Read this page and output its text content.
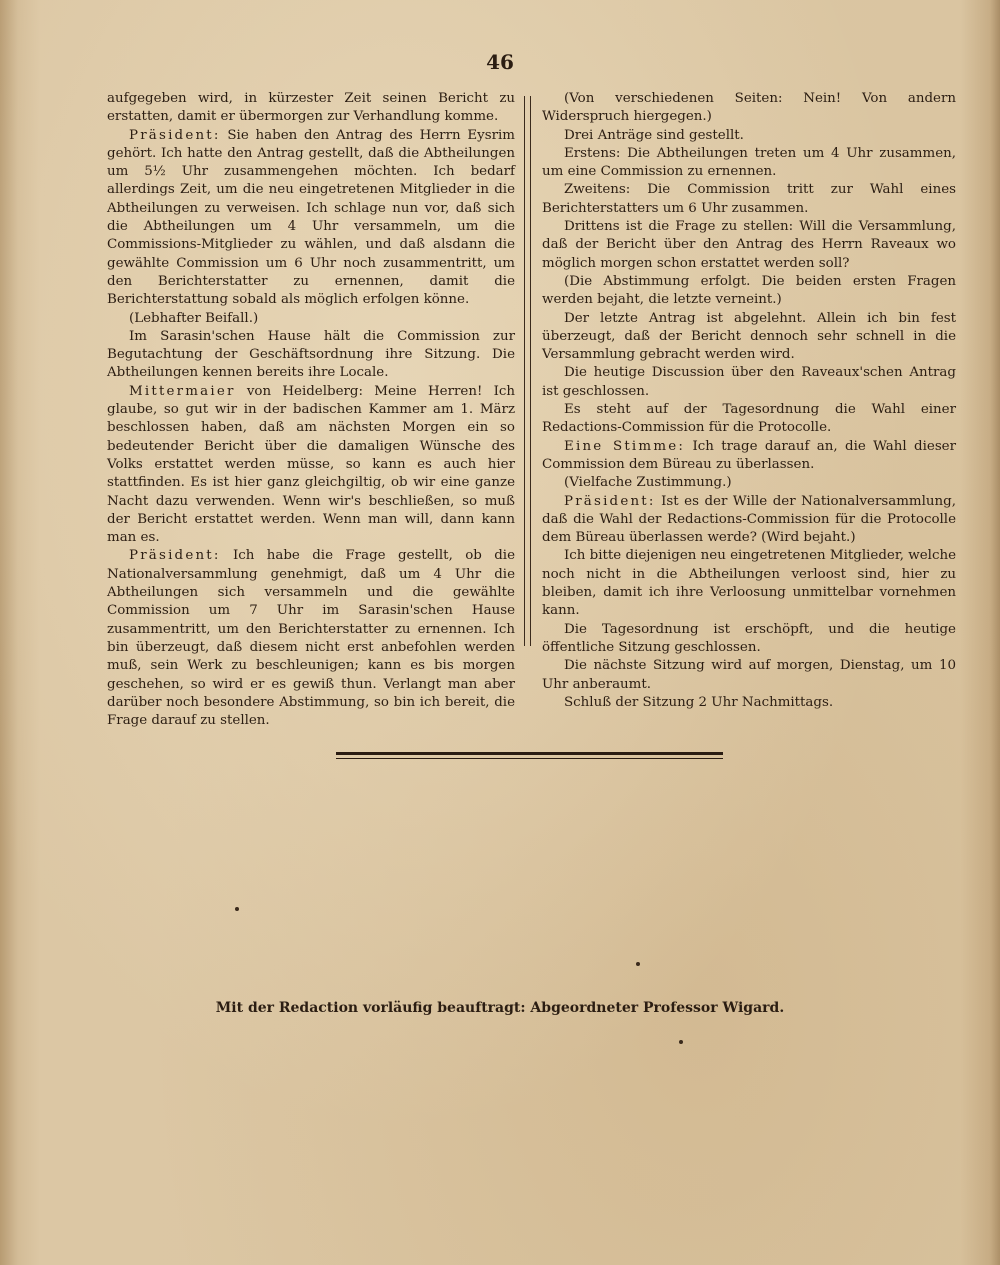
46

aufgegeben wird, in kürzester Zeit seinen Bericht zu erstatten, damit er übermorgen zur Verhandlung komme.

Präsident: Sie haben den Antrag des Herrn Eysrim gehört. Ich hatte den Antrag gestellt, daß die Abtheilungen um 5½ Uhr zusammengehen möchten. Ich bedarf allerdings Zeit, um die neu eingetretenen Mitglieder in die Abtheilungen zu verweisen. Ich schlage nun vor, daß sich die Abtheilungen um 4 Uhr versammeln, um die Commissions-Mitglieder zu wählen, und daß alsdann die gewählte Commission um 6 Uhr noch zusammentritt, um den Berichterstatter zu ernennen, damit die Berichterstattung sobald als möglich erfolgen könne.

(Lebhafter Beifall.)

Im Sarasin'schen Hause hält die Commission zur Begutachtung der Geschäftsordnung ihre Sitzung. Die Abtheilungen kennen bereits ihre Locale.

Mittermaier von Heidelberg: Meine Herren! Ich glaube, so gut wir in der badischen Kammer am 1. März beschlossen haben, daß am nächsten Morgen ein so bedeutender Bericht über die damaligen Wünsche des Volks erstattet werden müsse, so kann es auch hier stattfinden. Es ist hier ganz gleichgiltig, ob wir eine ganze Nacht dazu verwenden. Wenn wir's beschließen, so muß der Bericht erstattet werden. Wenn man will, dann kann man es.

Präsident: Ich habe die Frage gestellt, ob die Nationalversammlung genehmigt, daß um 4 Uhr die Abtheilungen sich versammeln und die gewählte Commission um 7 Uhr im Sarasin'schen Hause zusammentritt, um den Berichterstatter zu ernennen. Ich bin überzeugt, daß diesem nicht erst anbefohlen werden muß, sein Werk zu beschleunigen; kann es bis morgen geschehen, so wird er es gewiß thun. Verlangt man aber darüber noch besondere Abstimmung, so bin ich bereit, die Frage darauf zu stellen.

(Von verschiedenen Seiten: Nein! Von andern Widerspruch hiergegen.)

Drei Anträge sind gestellt.

Erstens: Die Abtheilungen treten um 4 Uhr zusammen, um eine Commission zu ernennen.

Zweitens: Die Commission tritt zur Wahl eines Berichterstatters um 6 Uhr zusammen.

Drittens ist die Frage zu stellen: Will die Versammlung, daß der Bericht über den Antrag des Herrn Raveaux wo möglich morgen schon erstattet werden soll?

(Die Abstimmung erfolgt. Die beiden ersten Fragen werden bejaht, die letzte verneint.)

Der letzte Antrag ist abgelehnt. Allein ich bin fest überzeugt, daß der Bericht dennoch sehr schnell in die Versammlung gebracht werden wird.

Die heutige Discussion über den Raveaux'schen Antrag ist geschlossen.

Es steht auf der Tagesordnung die Wahl einer Redactions-Commission für die Protocolle.

Eine Stimme: Ich trage darauf an, die Wahl dieser Commission dem Büreau zu überlassen.

(Vielfache Zustimmung.)

Präsident: Ist es der Wille der Nationalversammlung, daß die Wahl der Redactions-Commission für die Protocolle dem Büreau überlassen werde? (Wird bejaht.)

Ich bitte diejenigen neu eingetretenen Mitglieder, welche noch nicht in die Abtheilungen verloost sind, hier zu bleiben, damit ich ihre Verloosung unmittelbar vornehmen kann.

Die Tagesordnung ist erschöpft, und die heutige öffentliche Sitzung geschlossen.

Die nächste Sitzung wird auf morgen, Dienstag, um 10 Uhr anberaumt.

Schluß der Sitzung 2 Uhr Nachmittags.

Mit der Redaction vorläufig beauftragt: Abgeordneter Professor Wigard.
